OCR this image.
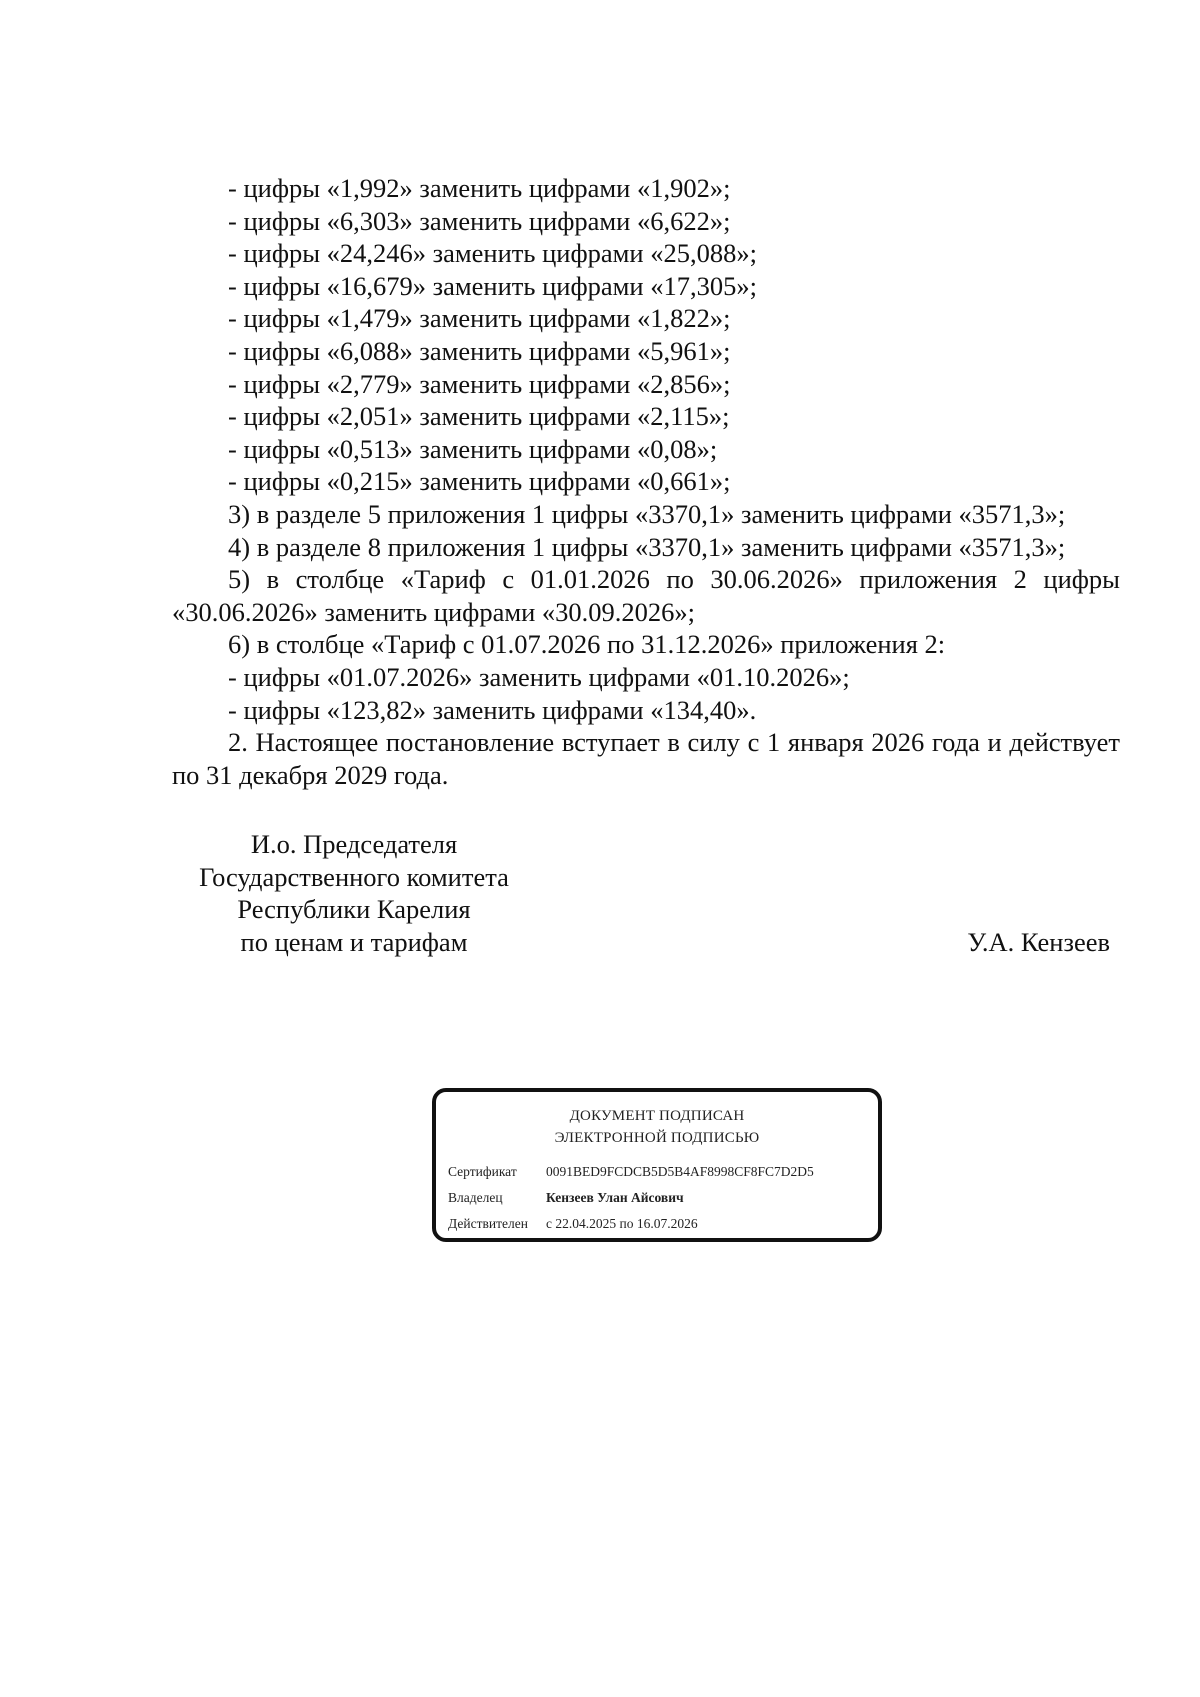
- цифры «1,992» заменить цифрами «1,902»;
- цифры «6,303» заменить цифрами «6,622»;
- цифры «24,246» заменить цифрами «25,088»;
- цифры «16,679» заменить цифрами «17,305»;
- цифры «1,479» заменить цифрами «1,822»;
- цифры «6,088» заменить цифрами «5,961»;
- цифры «2,779» заменить цифрами «2,856»;
- цифры «2,051» заменить цифрами «2,115»;
- цифры «0,513» заменить цифрами «0,08»;
- цифры «0,215» заменить цифрами «0,661»;
3) в разделе 5 приложения 1 цифры «3370,1» заменить цифрами «3571,3»;
4) в разделе 8 приложения 1 цифры «3370,1» заменить цифрами «3571,3»;

5) в столбце «Тариф с 01.01.2026 по 30.06.2026» приложения 2 цифры «30.06.2026» заменить цифрами «30.09.2026»;

6) в столбце «Тариф с 01.07.2026 по 31.12.2026» приложения 2:
- цифры «01.07.2026» заменить цифрами «01.10.2026»;
- цифры «123,82» заменить цифрами «134,40».

2. Настоящее постановление вступает в силу с 1 января 2026 года и действует по 31 декабря 2029 года.

И.о. Председателя
Государственного комитета
Республики Карелия
по ценам и тарифам	У.А. Кензеев
ДОКУМЕНТ ПОДПИСАН
ЭЛЕКТРОННОЙ ПОДПИСЬЮ
Сертификат 0091BED9FCDCB5D5B4AF8998CF8FC7D2D5
Владелец	Кензеев Улан Айсович
Действителен с 22.04.2025 по 16.07.2026
